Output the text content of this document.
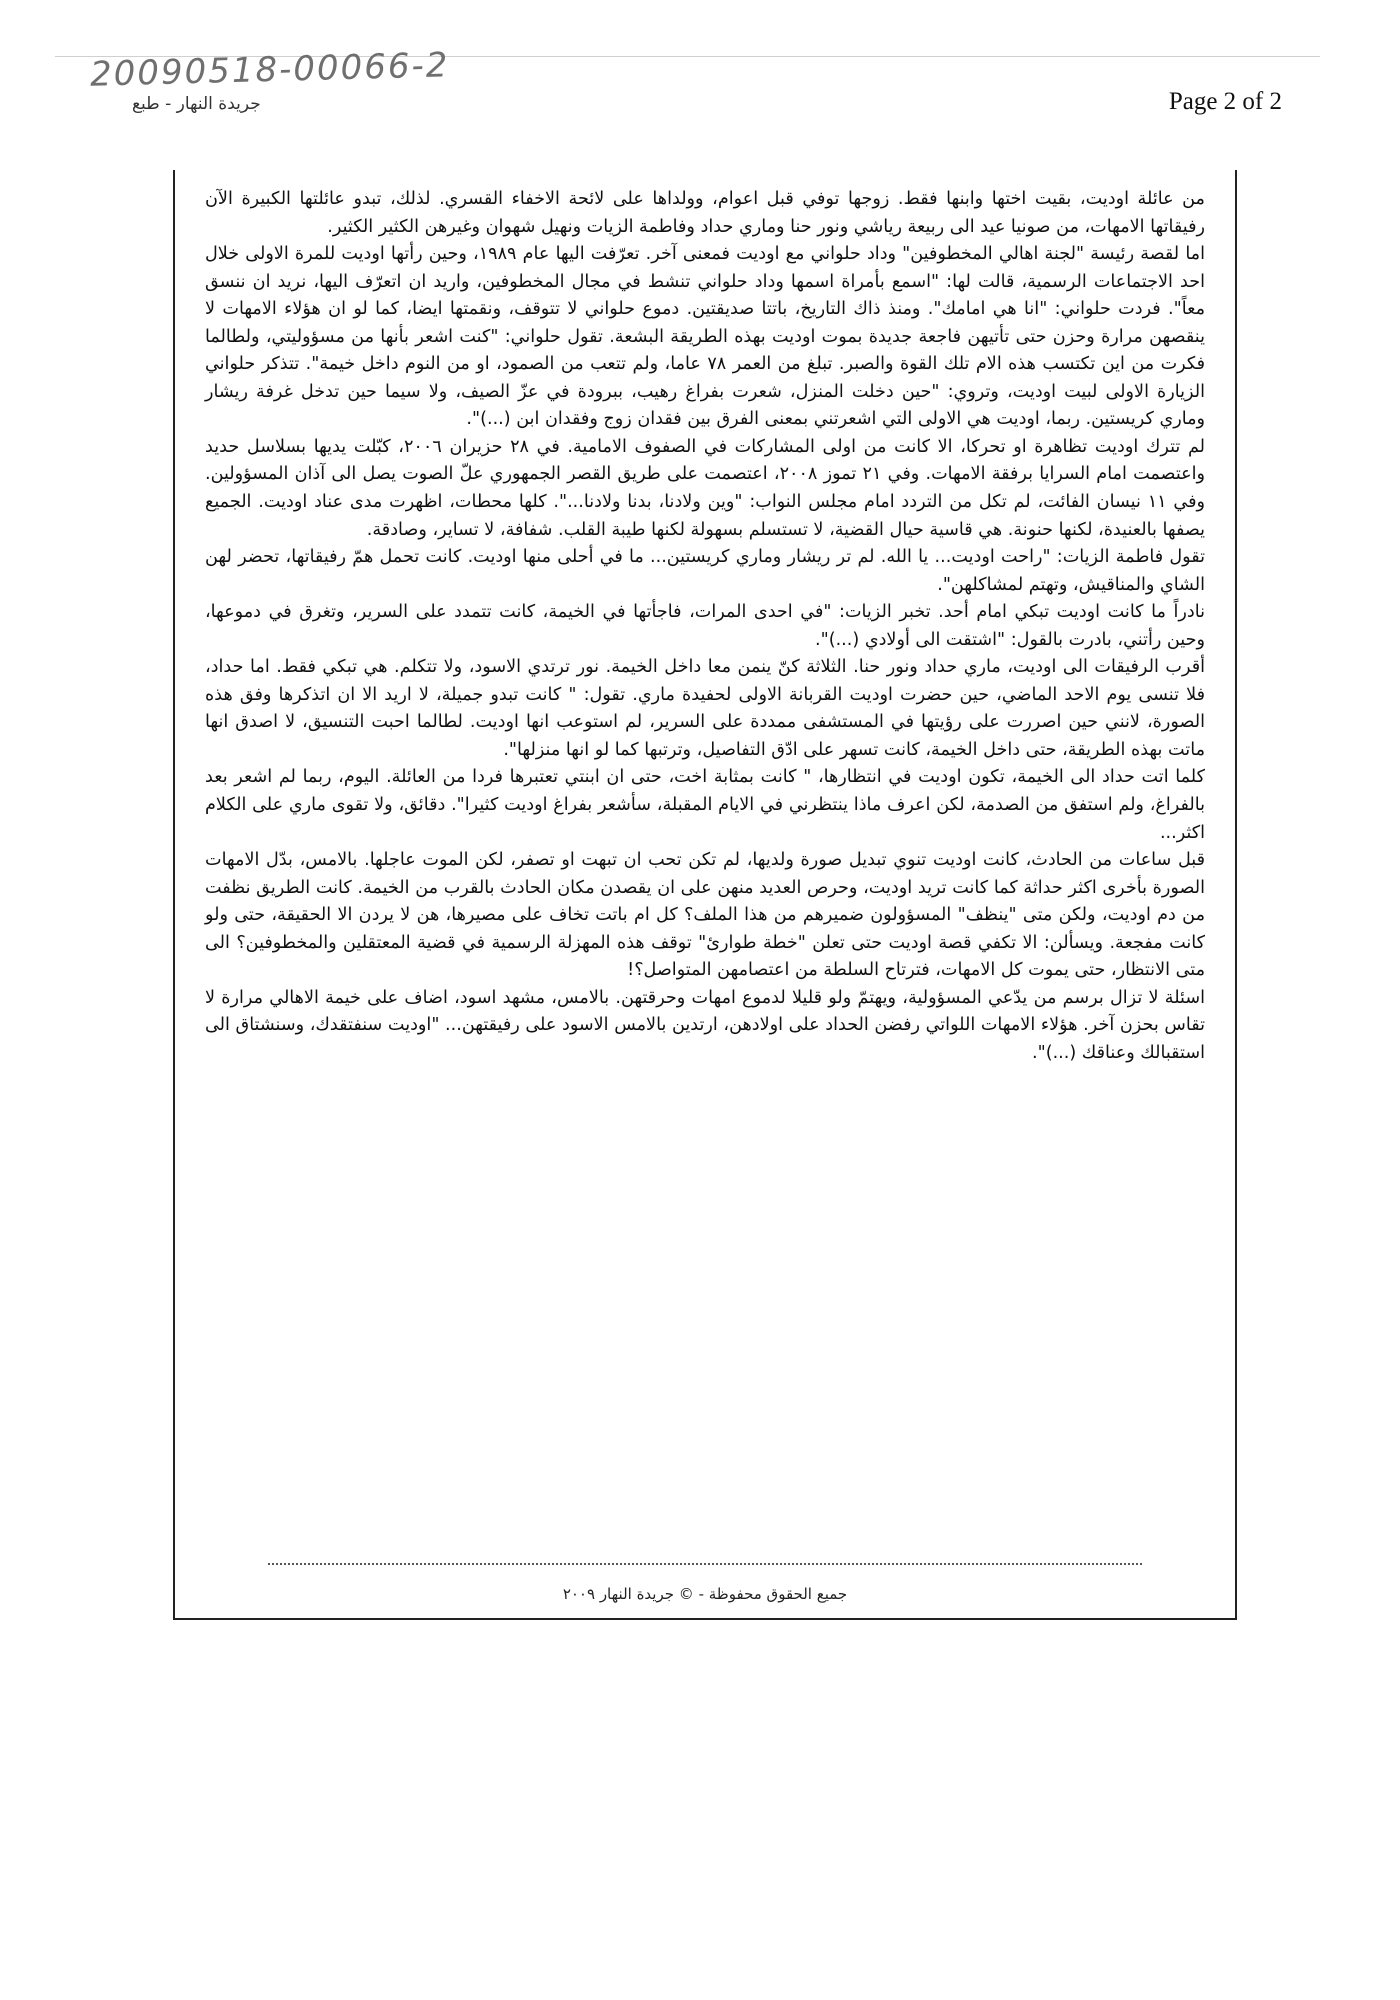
20090518-00066-2
جريدة النهار - طبع	Page 2 of 2

من عائلة اوديت، بقيت اختها وابنها فقط. زوجها توفي قبل اعوام، وولداها على لائحة الاخفاء القسري. لذلك، تبدو عائلتها الكبيرة الآن رفيقاتها الامهات، من صونيا عيد الى ربيعة رياشي ونور حنا وماري حداد وفاطمة الزيات ونهيل شهوان وغيرهن الكثير الكثير.

اما لقصة رئيسة "لجنة اهالي المخطوفين" وداد حلواني مع اوديت فمعنى آخر. تعرّفت اليها عام ١٩٨٩، وحين رأتها اوديت للمرة الاولى خلال احد الاجتماعات الرسمية، قالت لها: "اسمع بأمراة اسمها وداد حلواني تنشط في مجال المخطوفين، واريد ان اتعرّف اليها، نريد ان ننسق معاً". فردت حلواني: "انا هي امامك". ومنذ ذاك التاريخ، باتتا صديقتين. دموع حلواني لا تتوقف، ونقمتها ايضا، كما لو ان هؤلاء الامهات لا ينقصهن مرارة وحزن حتى تأتيهن فاجعة جديدة بموت اوديت بهذه الطريقة البشعة. تقول حلواني: "كنت اشعر بأنها من مسؤوليتي، ولطالما فكرت من اين تكتسب هذه الام تلك القوة والصبر. تبلغ من العمر ٧٨ عاما، ولم تتعب من الصمود، او من النوم داخل خيمة". تتذكر حلواني الزيارة الاولى لبيت اوديت، وتروي: "حين دخلت المنزل، شعرت بفراغ رهيب، ببرودة في عزّ الصيف، ولا سيما حين تدخل غرفة ريشار وماري كريستين. ربما، اوديت هي الاولى التي اشعرتني بمعنى الفرق بين فقدان زوج وفقدان ابن (...)".

لم تترك اوديت تظاهرة او تحركا، الا كانت من اولى المشاركات في الصفوف الامامية. في ٢٨ حزيران ٢٠٠٦، كبّلت يديها بسلاسل حديد واعتصمت امام السرايا برفقة الامهات. وفي ٢١ تموز ٢٠٠٨، اعتصمت على طريق القصر الجمهوري علّ الصوت يصل الى آذان المسؤولين. وفي ١١ نيسان الفائت، لم تكل من التردد امام مجلس النواب: "وين ولادنا، بدنا ولادنا...". كلها محطات، اظهرت مدى عناد اوديت. الجميع يصفها بالعنيدة، لكنها حنونة. هي قاسية حيال القضية، لا تستسلم بسهولة لكنها طيبة القلب. شفافة، لا تساير، وصادقة.

تقول فاطمة الزيات: "راحت اوديت... يا الله. لم تر ريشار وماري كريستين... ما في أحلى منها اوديت. كانت تحمل همّ رفيقاتها، تحضر لهن الشاي والمناقيش، وتهتم لمشاكلهن".

نادراً ما كانت اوديت تبكي امام أحد. تخبر الزيات: "في احدى المرات، فاجأتها في الخيمة، كانت تتمدد على السرير، وتغرق في دموعها، وحين رأتني، بادرت بالقول: "اشتقت الى أولادي (...)".

أقرب الرفيقات الى اوديت، ماري حداد ونور حنا. الثلاثة كنّ ينمن معا داخل الخيمة. نور ترتدي الاسود، ولا تتكلم. هي تبكي فقط. اما حداد، فلا تنسى يوم الاحد الماضي، حين حضرت اوديت القربانة الاولى لحفيدة ماري. تقول: " كانت تبدو جميلة، لا اريد الا ان اتذكرها وفق هذه الصورة، لانني حين اصررت على رؤيتها في المستشفى ممددة على السرير، لم استوعب انها اوديت. لطالما احبت التنسيق، لا اصدق انها ماتت بهذه الطريقة، حتى داخل الخيمة، كانت تسهر على ادّق التفاصيل، وترتبها كما لو انها منزلها".

كلما اتت حداد الى الخيمة، تكون اوديت في انتظارها، " كانت بمثابة اخت، حتى ان ابنتي تعتبرها فردا من العائلة. اليوم، ربما لم اشعر بعد بالفراغ، ولم استفق من الصدمة، لكن اعرف ماذا ينتظرني في الايام المقبلة، سأشعر بفراغ اوديت كثيرا". دقائق، ولا تقوى ماري على الكلام اكثر...

قبل ساعات من الحادث، كانت اوديت تنوي تبديل صورة ولديها، لم تكن تحب ان تبهت او تصفر، لكن الموت عاجلها. بالامس، بدّل الامهات الصورة بأخرى اكثر حداثة كما كانت تريد اوديت، وحرص العديد منهن على ان يقصدن مكان الحادث بالقرب من الخيمة. كانت الطريق نظفت من دم اوديت، ولكن متى "ينظف" المسؤولون ضميرهم من هذا الملف؟ كل ام باتت تخاف على مصيرها، هن لا يردن الا الحقيقة، حتى ولو كانت مفجعة. ويسألن: الا تكفي قصة اوديت حتى تعلن "خطة طوارئ" توقف هذه المهزلة الرسمية في قضية المعتقلين والمخطوفين؟ الى متى الانتظار، حتى يموت كل الامهات، فترتاح السلطة من اعتصامهن المتواصل؟!

اسئلة لا تزال برسم من يدّعي المسؤولية، ويهتمّ ولو قليلا لدموع امهات وحرقتهن. بالامس، مشهد اسود، اضاف على خيمة الاهالي مرارة لا تقاس بحزن آخر. هؤلاء الامهات اللواتي رفضن الحداد على اولادهن، ارتدين بالامس الاسود على رفيقتهن... "اوديت سنفتقدك، وسنشتاق الى استقبالك وعناقك (...)".

جميع الحقوق محفوظة - © جريدة النهار ٢٠٠٩
